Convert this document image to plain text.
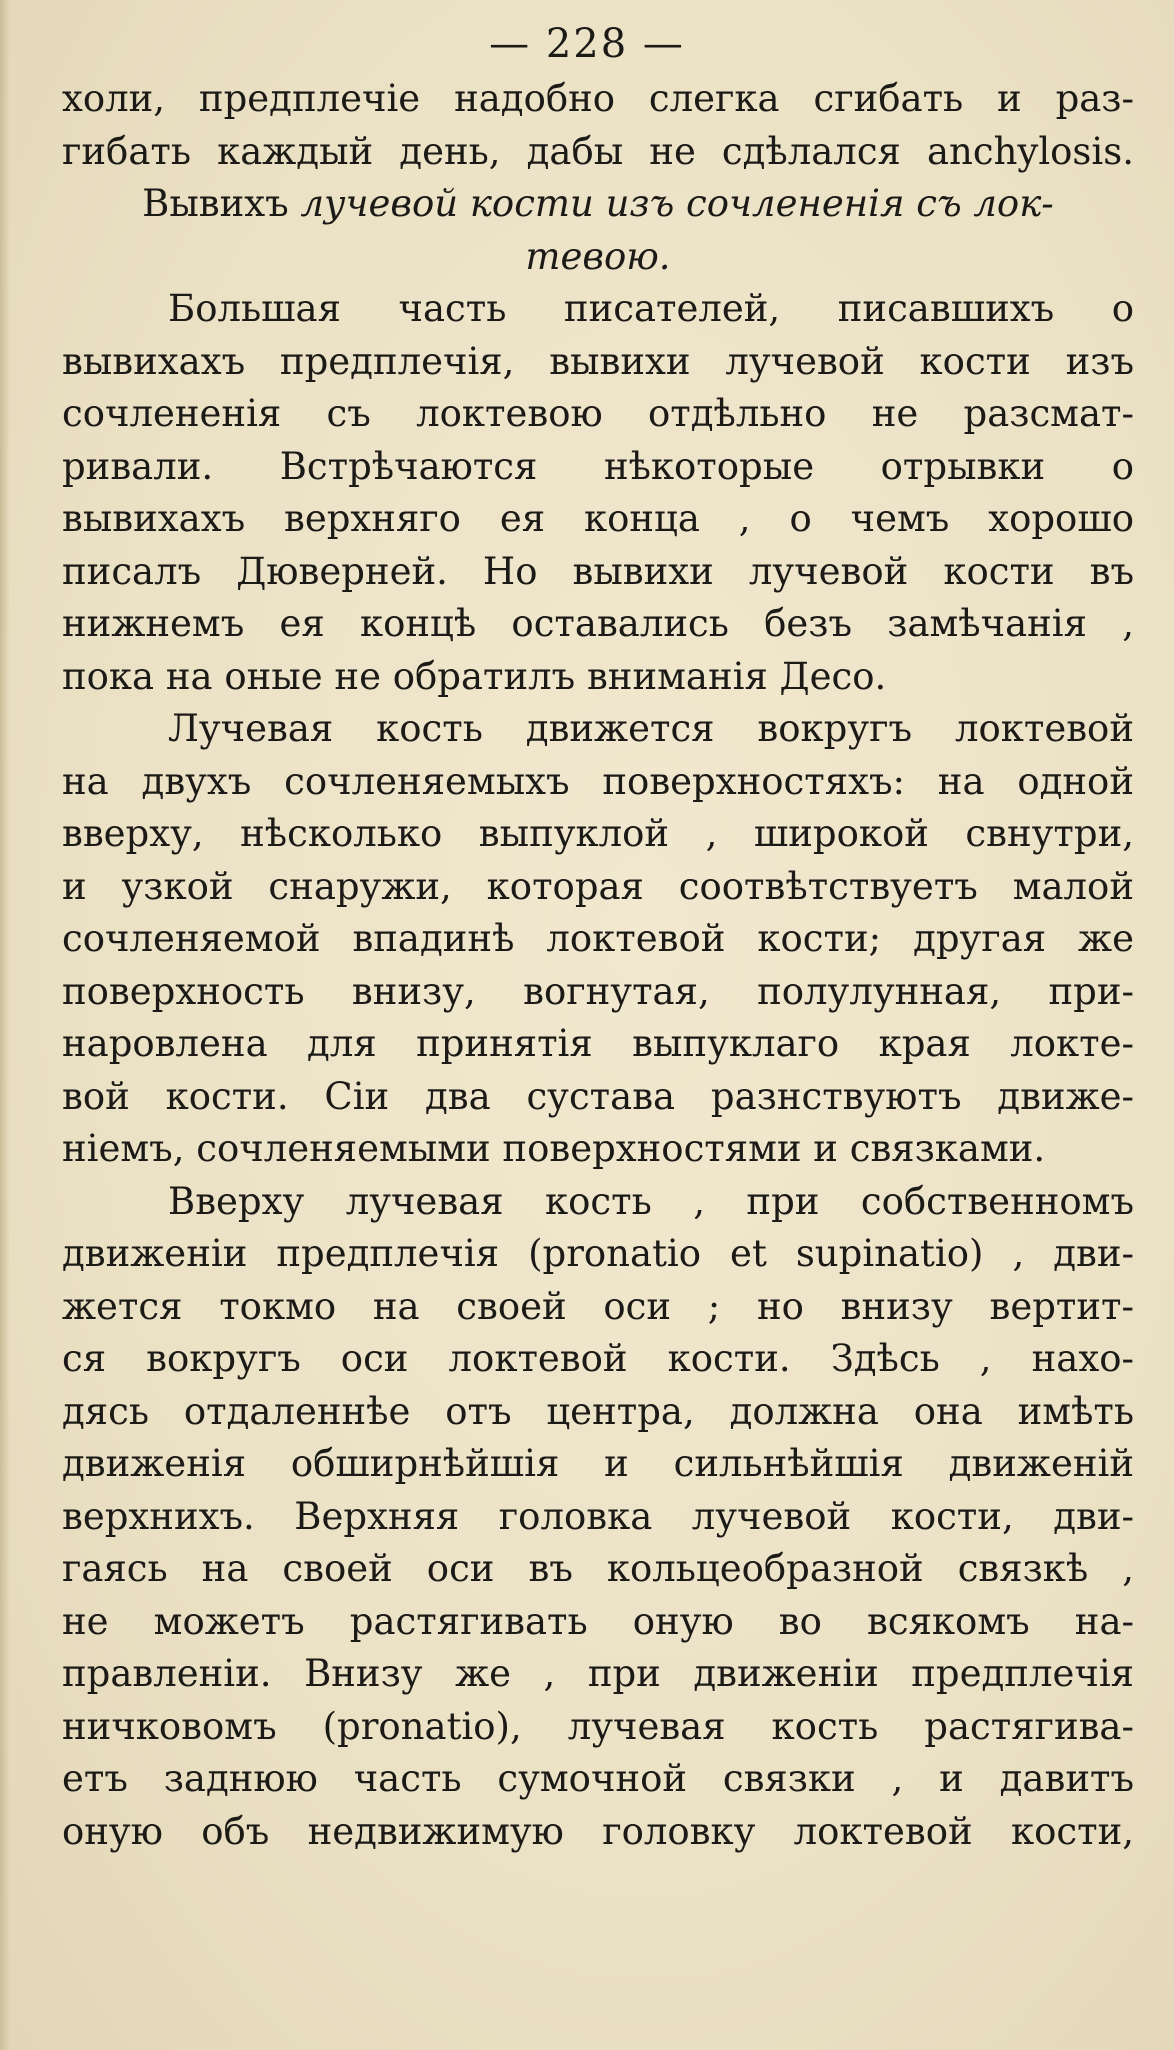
— 228 —
холи, предплечіе надобно слегка сгибать и раз-
гибать каждый день, дабы не сдѣлался anchylosis.
Вывихъ лучевой кости изъ сочлененія съ лок-
тевою.
Большая часть писателей, писавшихъ о
вывихахъ предплечія, вывихи лучевой кости изъ
сочлененія съ локтевою отдѣльно не разсмат-
ривали. Встрѣчаются нѣкоторые отрывки о
вывихахъ верхняго ея конца , о чемъ хорошо
писалъ Дюверней. Но вывихи лучевой кости въ
нижнемъ ея концѣ оставались безъ замѣчанія ,
пока на оные не обратилъ вниманія Десо.
Лучевая кость движется вокругъ локтевой
на двухъ сочленяемыхъ поверхностяхъ: на одной
вверху, нѣсколько выпуклой , широкой свнутри,
и узкой снаружи, которая соотвѣтствуетъ малой
сочленяемой впадинѣ локтевой кости; другая же
поверхность внизу, вогнутая, полулунная, при-
наровлена для принятія выпуклаго края локте-
вой кости. Сіи два сустава разнствуютъ движе-
ніемъ, сочленяемыми поверхностями и связками.
Вверху лучевая кость , при собственномъ
движеніи предплечія (pronatio et supinatio) , дви-
жется токмо на своей оси ; но внизу вертит-
ся вокругъ оси локтевой кости. Здѣсь , нахо-
дясь отдаленнѣе отъ центра, должна она имѣть
движенія обширнѣйшія и сильнѣйшія движеній
верхнихъ. Верхняя головка лучевой кости, дви-
гаясь на своей оси въ кольцеобразной связкѣ ,
не можетъ растягивать оную во всякомъ на-
правленіи. Внизу же , при движеніи предплечія
ничковомъ (pronatio), лучевая кость растягива-
етъ заднюю часть сумочной связки , и давитъ
оную объ недвижимую головку локтевой кости,
